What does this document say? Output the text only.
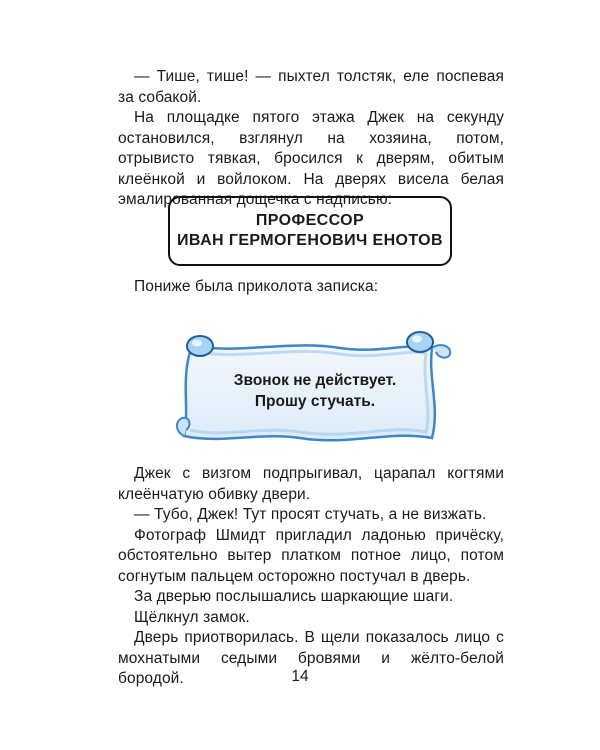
— Тише, тише! — пыхтел толстяк, еле поспевая за собакой.

На площадке пятого этажа Джек на секунду остановился, взглянул на хозяина, потом, отрывисто тявкая, бросился к дверям, обитым клеёнкой и войлоком. На дверях висела белая эмалированная дощечка с надписью:

ПРОФЕССОР
ИВАН ГЕРМОГЕНОВИЧ ЕНОТОВ

Пониже была приколота записка:

Звонок не действует.
Прошу стучать.

Джек с визгом подпрыгивал, царапал когтями клеёнчатую обивку двери.

— Тубо, Джек! Тут просят стучать, а не визжать.

Фотограф Шмидт пригладил ладонью причёску, обстоятельно вытер платком потное лицо, потом согнутым пальцем осторожно постучал в дверь.

За дверью послышались шаркающие шаги.

Щёлкнул замок.

Дверь приотворилась. В щели показалось лицо с мохнатыми седыми бровями и жёлто-белой бородой.	14
